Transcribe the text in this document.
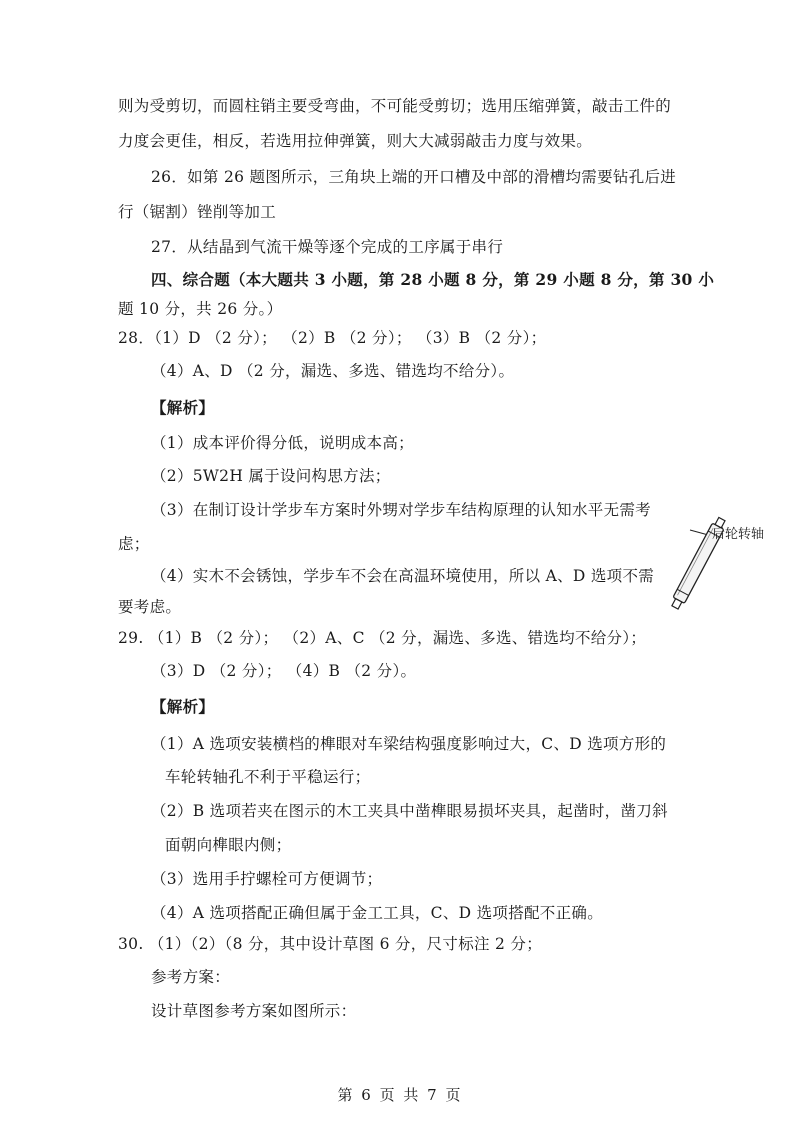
则为受剪切，而圆柱销主要受弯曲，不可能受剪切；选用压缩弹簧，敲击工件的
力度会更佳，相反，若选用拉伸弹簧，则大大减弱敲击力度与效果。
26．如第 26 题图所示，三角块上端的开口槽及中部的滑槽均需要钻孔后进
行（锯割）锉削等加工
27．从结晶到气流干燥等逐个完成的工序属于串行
四、综合题（本大题共 3 小题，第 28 小题 8 分，第 29 小题 8 分，第 30 小
题 10 分，共 26 分。）
28．（1）D （2 分）； （2）B （2 分）； （3）B （2 分）；
（4）A、D （2 分，漏选、多选、错选均不给分）。
【解析】
（1）成本评价得分低，说明成本高；
（2）5W2H 属于设问构思方法；
（3）在制订设计学步车方案时外甥对学步车结构原理的认知水平无需考
虑；
（4）实木不会锈蚀，学步车不会在高温环境使用，所以 A、D 选项不需
要考虑。
29. （1）B （2 分）； （2）A、C （2 分，漏选、多选、错选均不给分）；
（3）D （2 分）； （4）B （2 分）。
【解析】
（1）A 选项安装横档的榫眼对车梁结构强度影响过大，C、D 选项方形的
车轮转轴孔不利于平稳运行；
（2）B 选项若夹在图示的木工夹具中凿榫眼易损坏夹具，起凿时，凿刀斜
面朝向榫眼内侧；
（3）选用手拧螺栓可方便调节；
（4）A 选项搭配正确但属于金工工具，C、D 选项搭配不正确。
30. （1）（2）（8 分，其中设计草图 6 分，尺寸标注 2 分；
参考方案：
设计草图参考方案如图所示：
后轮转轴
第 6 页 共 7 页
